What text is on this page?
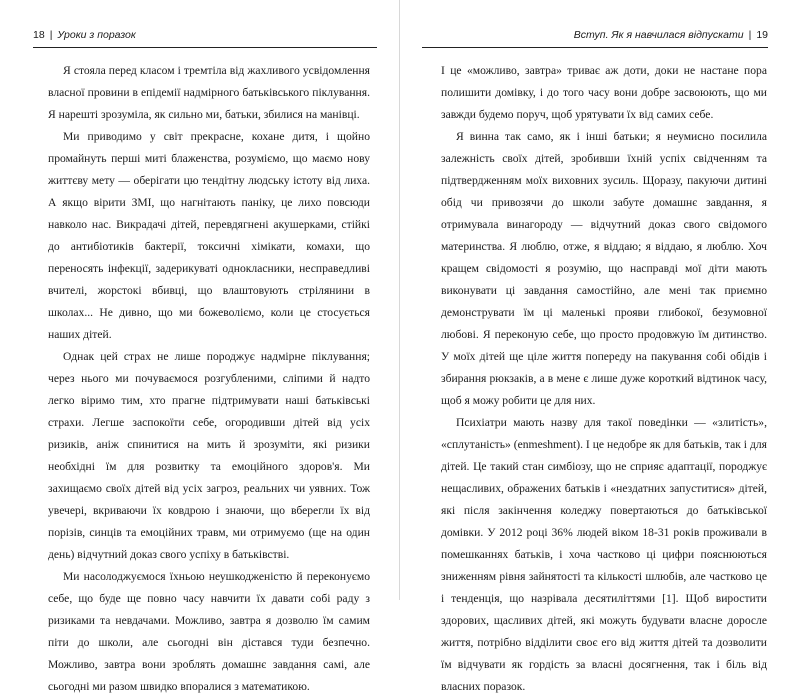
18 | Уроки з поразок

Я стояла перед класом і тремтіла від жахливого усвідомлення власної провини в епідемії надмірного батьківського піклування. Я нарешті зрозуміла, як сильно ми, батьки, збилися на манівці.

Ми приводимо у світ прекрасне, кохане дитя, і щойно промайнуть перші миті блаженства, розуміємо, що маємо нову життєву мету — оберігати цю тендітну людську істоту від лиха. А якщо вірити ЗМІ, що нагнітають паніку, це лихо повсюди навколо нас. Викрадачі дітей, перевдягнені акушерками, стійкі до антибіотиків бактерії, токсичні хімікати, комахи, що переносять інфекції, задерикуваті однокласники, несправедливі вчителі, жорстокі вбивці, що влаштовують стрілянини в школах... Не дивно, що ми божеволіємо, коли це стосується наших дітей.

Однак цей страх не лише породжує надмірне піклування; через нього ми почуваємося розгубленими, сліпими й надто легко віримо тим, хто прагне підтримувати наші батьківські страхи. Легше заспокоїти себе, огородивши дітей від усіх ризиків, аніж спинитися на мить й зрозуміти, які ризики необхідні їм для розвитку та емоційного здоров'я. Ми захищаємо своїх дітей від усіх загроз, реальних чи уявних. Тож увечері, вкриваючи їх ковдрою і знаючи, що вберегли їх від порізів, синців та емоційних травм, ми отримуємо (ще на один день) відчутний доказ свого успіху в батьківстві.

Ми насолоджуємося їхньою неушкодженістю й переконуємо себе, що буде ще повно часу навчити їх давати собі раду з ризиками та невдачами. Можливо, завтра я дозволю їм самим піти до школи, але сьогодні він дістався туди безпечно. Можливо, завтра вони зроблять домашнє завдання самі, але сьогодні ми разом швидко впоралися з математикою.

Вступ. Як я навчилася відпускати | 19

І це «можливо, завтра» триває аж доти, доки не настане пора полишити домівку, і до того часу вони добре засвоюють, що ми завжди будемо поруч, щоб урятувати їх від самих себе.

Я винна так само, як і інші батьки; я неумисно посилила залежність своїх дітей, зробивши їхній успіх свідченням та підтвердженням моїх виховних зусиль. Щоразу, пакуючи дитині обід чи привозячи до школи забуте домашнє завдання, я отримувала винагороду — відчутний доказ свого свідомого материнства. Я люблю, отже, я віддаю; я віддаю, я люблю. Хоч кращем свідомості я розумію, що насправді мої діти мають виконувати ці завдання самостійно, але мені так приємно демонструвати їм ці маленькі прояви глибокої, безумовної любові. Я переконую себе, що просто продовжую їм дитинство. У моїх дітей ще ціле життя попереду на пакування собі обідів і збирання рюкзаків, а в мене є лише дуже короткий відтинок часу, щоб я можу робити це для них.

Психіатри мають назву для такої поведінки — «злитість», «сплутаність» (enmeshment). І це недобре як для батьків, так і для дітей. Це такий стан симбіозу, що не сприяє адаптації, породжує нещасливих, ображених батьків і «нездатних запуститися» дітей, які після закінчення коледжу повертаються до батьківської домівки. У 2012 році 36% людей віком 18-31 років проживали в помешканнях батьків, і хоча частково ці цифри пояснюються зниженням рівня зайнятості та кількості шлюбів, але частково це і тенденція, що назрівала десятиліттями [1]. Щоб виростити здорових, щасливих дітей, які можуть будувати власне доросле життя, потрібно відділити своє его від життя дітей та дозволити їм відчувати як гордість за власні досягнення, так і біль від власних поразок.
